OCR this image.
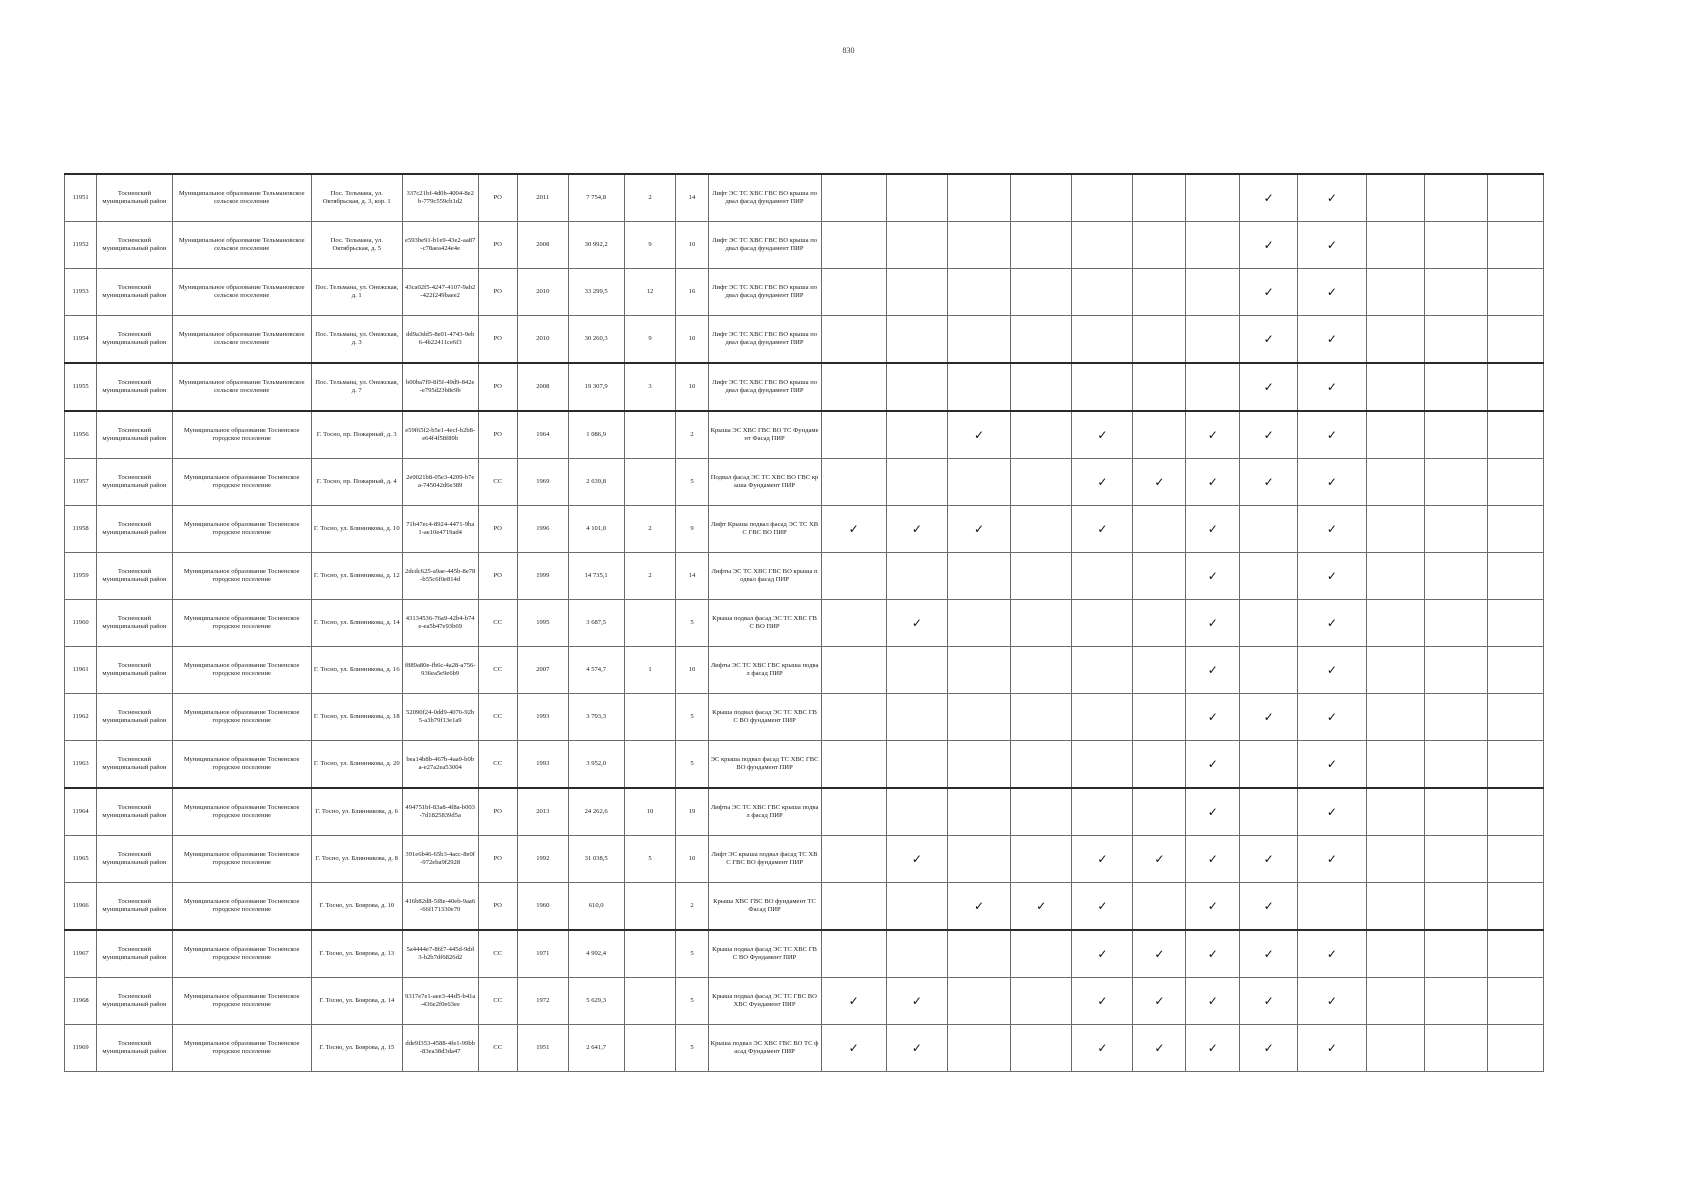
830
11951	Тосненский муниципальный район	Муниципальное образование Тельмановское сельское поселение	Пос. Тельмана, ул. Октябрьская, д. 3, кор. 1	337c21bf-4d0b-4004-8e2b-779c559cb1d2	РО	2011	7 754,8	2	14	Лифт ЭС ТС ХВС ГВС ВО крыша подвал фасад фундамент ПИР								✓	✓			
11952	Тосненский муниципальный район	Муниципальное образование Тельмановское сельское поселение	Пос. Тельмана, ул. Октябрьская, д. 5	e593be91-b1e9-43e2-aa87-c78aea424e4e	РО	2008	30 992,2	9	10	Лифт ЭС ТС ХВС ГВС ВО крыша подвал фасад фундамент ПИР								✓	✓			
11953	Тосненский муниципальный район	Муниципальное образование Тельмановское сельское поселение	Пос. Тельмана, ул. Онежская, д. 1	43ca02f5-4247-4107-9ab2-422f249baee2	РО	2010	33 299,5	12	16	Лифт ЭС ТС ХВС ГВС ВО крыша подвал фасад фундамент ПИР								✓	✓			
11954	Тосненский муниципальный район	Муниципальное образование Тельмановское сельское поселение	Пос. Тельмана, ул. Онежская, д. 3	dd9a3dd5-8e01-4743-9eb6-4b22411ce6f3	РО	2010	30 260,3	9	10	Лифт ЭС ТС ХВС ГВС ВО крыша подвал фасад фундамент ПИР								✓	✓			
11955	Тосненский муниципальный район	Муниципальное образование Тельмановское сельское поселение	Пос. Тельмана, ул. Онежская, д. 7	b00ba7f9-8f5f-49d9-842e-e795d23b8e9b	РО	2008	19 307,9	3	10	Лифт ЭС ТС ХВС ГВС ВО крыша подвал фасад фундамент ПИР								✓	✓			
11956	Тосненский муниципальный район	Муниципальное образование Тосненское городское поселение	Г. Тосно, пр. Пожарный, д. 3	e59f65f2-b5e1-4ecf-b2b8-e64f4f58f89b	РО	1964	1 086,9		2	Крыша ЭС ХВС ГВС ВО ТС Фундамент Фасад ПИР			✓		✓		✓	✓	✓			
11957	Тосненский муниципальный район	Муниципальное образование Тосненское городское поселение	Г. Тосно, пр. Пожарный, д. 4	2e0021b8-05e3-4209-b7ea-745042d6e389	СС	1969	2 639,8		5	Подвал фасад ЭС ТС ХВС ВО ГВС крыша Фундамент ПИР					✓	✓	✓	✓	✓			
11958	Тосненский муниципальный район	Муниципальное образование Тосненское городское поселение	Г. Тосно, ул. Блинникова, д. 10	71b47ec4-8924-4471-9ba1-ae10e4719ad4	РО	1996	4 101,0	2	9	Лифт Крыша подвал фасад ЭС ТС ХВС ГВС ВО ПИР	✓	✓	✓		✓		✓		✓			
11959	Тосненский муниципальный район	Муниципальное образование Тосненское городское поселение	Г. Тосно, ул. Блинникова, д. 12	2dcdc625-a9ae-445b-8e78-b55c6f0e814d	РО	1999	14 735,1	2	14	Лифты ЭС ТС ХВС ГВС ВО крыша подвал фасад ПИР							✓		✓			
11960	Тосненский муниципальный район	Муниципальное образование Тосненское городское поселение	Г. Тосно, ул. Блинникова, д. 14	43134536-76a9-42b4-b74e-ea5b47e93b69	СС	1995	3 687,5		5	Крыша подвал фасад ЭС ТС ХВС ГВС ВО ПИР		✓					✓		✓			
11961	Тосненский муниципальный район	Муниципальное образование Тосненское городское поселение	Г. Тосно, ул. Блинникова, д. 16	f889a80e-fb6c-4a28-a756-936ea5e9e6b9	СС	2007	4 574,7	1	10	Лифты ЭС ТС ХВС ГВС крыша подвал фасад ПИР							✓		✓			
11962	Тосненский муниципальный район	Муниципальное образование Тосненское городское поселение	Г. Тосно, ул. Блинникова, д. 18	52090f24-0dd9-4076-92b5-a3b79f13e1a9	СС	1993	3 793,3		5	Крыша подвал фасад ЭС ТС ХВС ГВС ВО фундамент ПИР							✓	✓	✓			
11963	Тосненский муниципальный район	Муниципальное образование Тосненское городское поселение	Г. Тосно, ул. Блинникова, д. 20	bea14b8b-467b-4aa9-b0ba-e27a2ea53004	СС	1993	3 952,0		5	ЭС крыша подвал фасад ТС ХВС ГВС ВО фундамент ПИР							✓		✓			
11964	Тосненский муниципальный район	Муниципальное образование Тосненское городское поселение	Г. Тосно, ул. Блинникова, д. 6	494751bf-83a8-4f8a-b003-7d1825839d5a	РО	2013	24 262,6	10	19	Лифты ЭС ТС ХВС ГВС крыша подвал фасад ПИР							✓		✓			
11965	Тосненский муниципальный район	Муниципальное образование Тосненское городское поселение	Г. Тосно, ул. Блинникова, д. 8	391e6b46-65b3-4acc-8e0f-972eba9f2928	РО	1992	31 038,5	5	10	Лифт ЭС крыша подвал фасад ТС ХВС ГВС ВО фундамент ПИР		✓			✓	✓	✓	✓	✓			
11966	Тосненский муниципальный район	Муниципальное образование Тосненское городское поселение	Г. Тосно, ул. Боярова, д. 10	416b82d8-5f8e-40eb-9aa6-66f171330e70	РО	1960	610,0		2	Крыша ХВС ГВС ВО фундамент ТС Фасад ПИР			✓	✓	✓		✓	✓				
11967	Тосненский муниципальный район	Муниципальное образование Тосненское городское поселение	Г. Тосно, ул. Боярова, д. 13	5a4444e7-86f7-445d-9dd3-b2b7df6826d2	СС	1971	4 992,4		5	Крыша подвал фасад ЭС ТС ХВС ГВС ВО Фундамент ПИР					✓	✓	✓	✓	✓			
11968	Тосненский муниципальный район	Муниципальное образование Тосненское городское поселение	Г. Тосно, ул. Боярова, д. 14	9317e7e1-aee3-44d5-b41a-436e2f0e63ee	СС	1972	5 629,3		5	Крыша подвал фасад ЭС ТС ГВС ВО ХВС Фундамент ПИР	✓	✓			✓	✓	✓	✓	✓			
11969	Тосненский муниципальный район	Муниципальное образование Тосненское городское поселение	Г. Тосно, ул. Боярова, д. 15	dde9f353-4588-4fe1-99bb-83ea38d3da47	СС	1951	2 641,7		5	Крыша подвал ЭС ХВС ГВС ВО ТС фасад Фундамент ПИР	✓	✓			✓	✓	✓	✓	✓			
